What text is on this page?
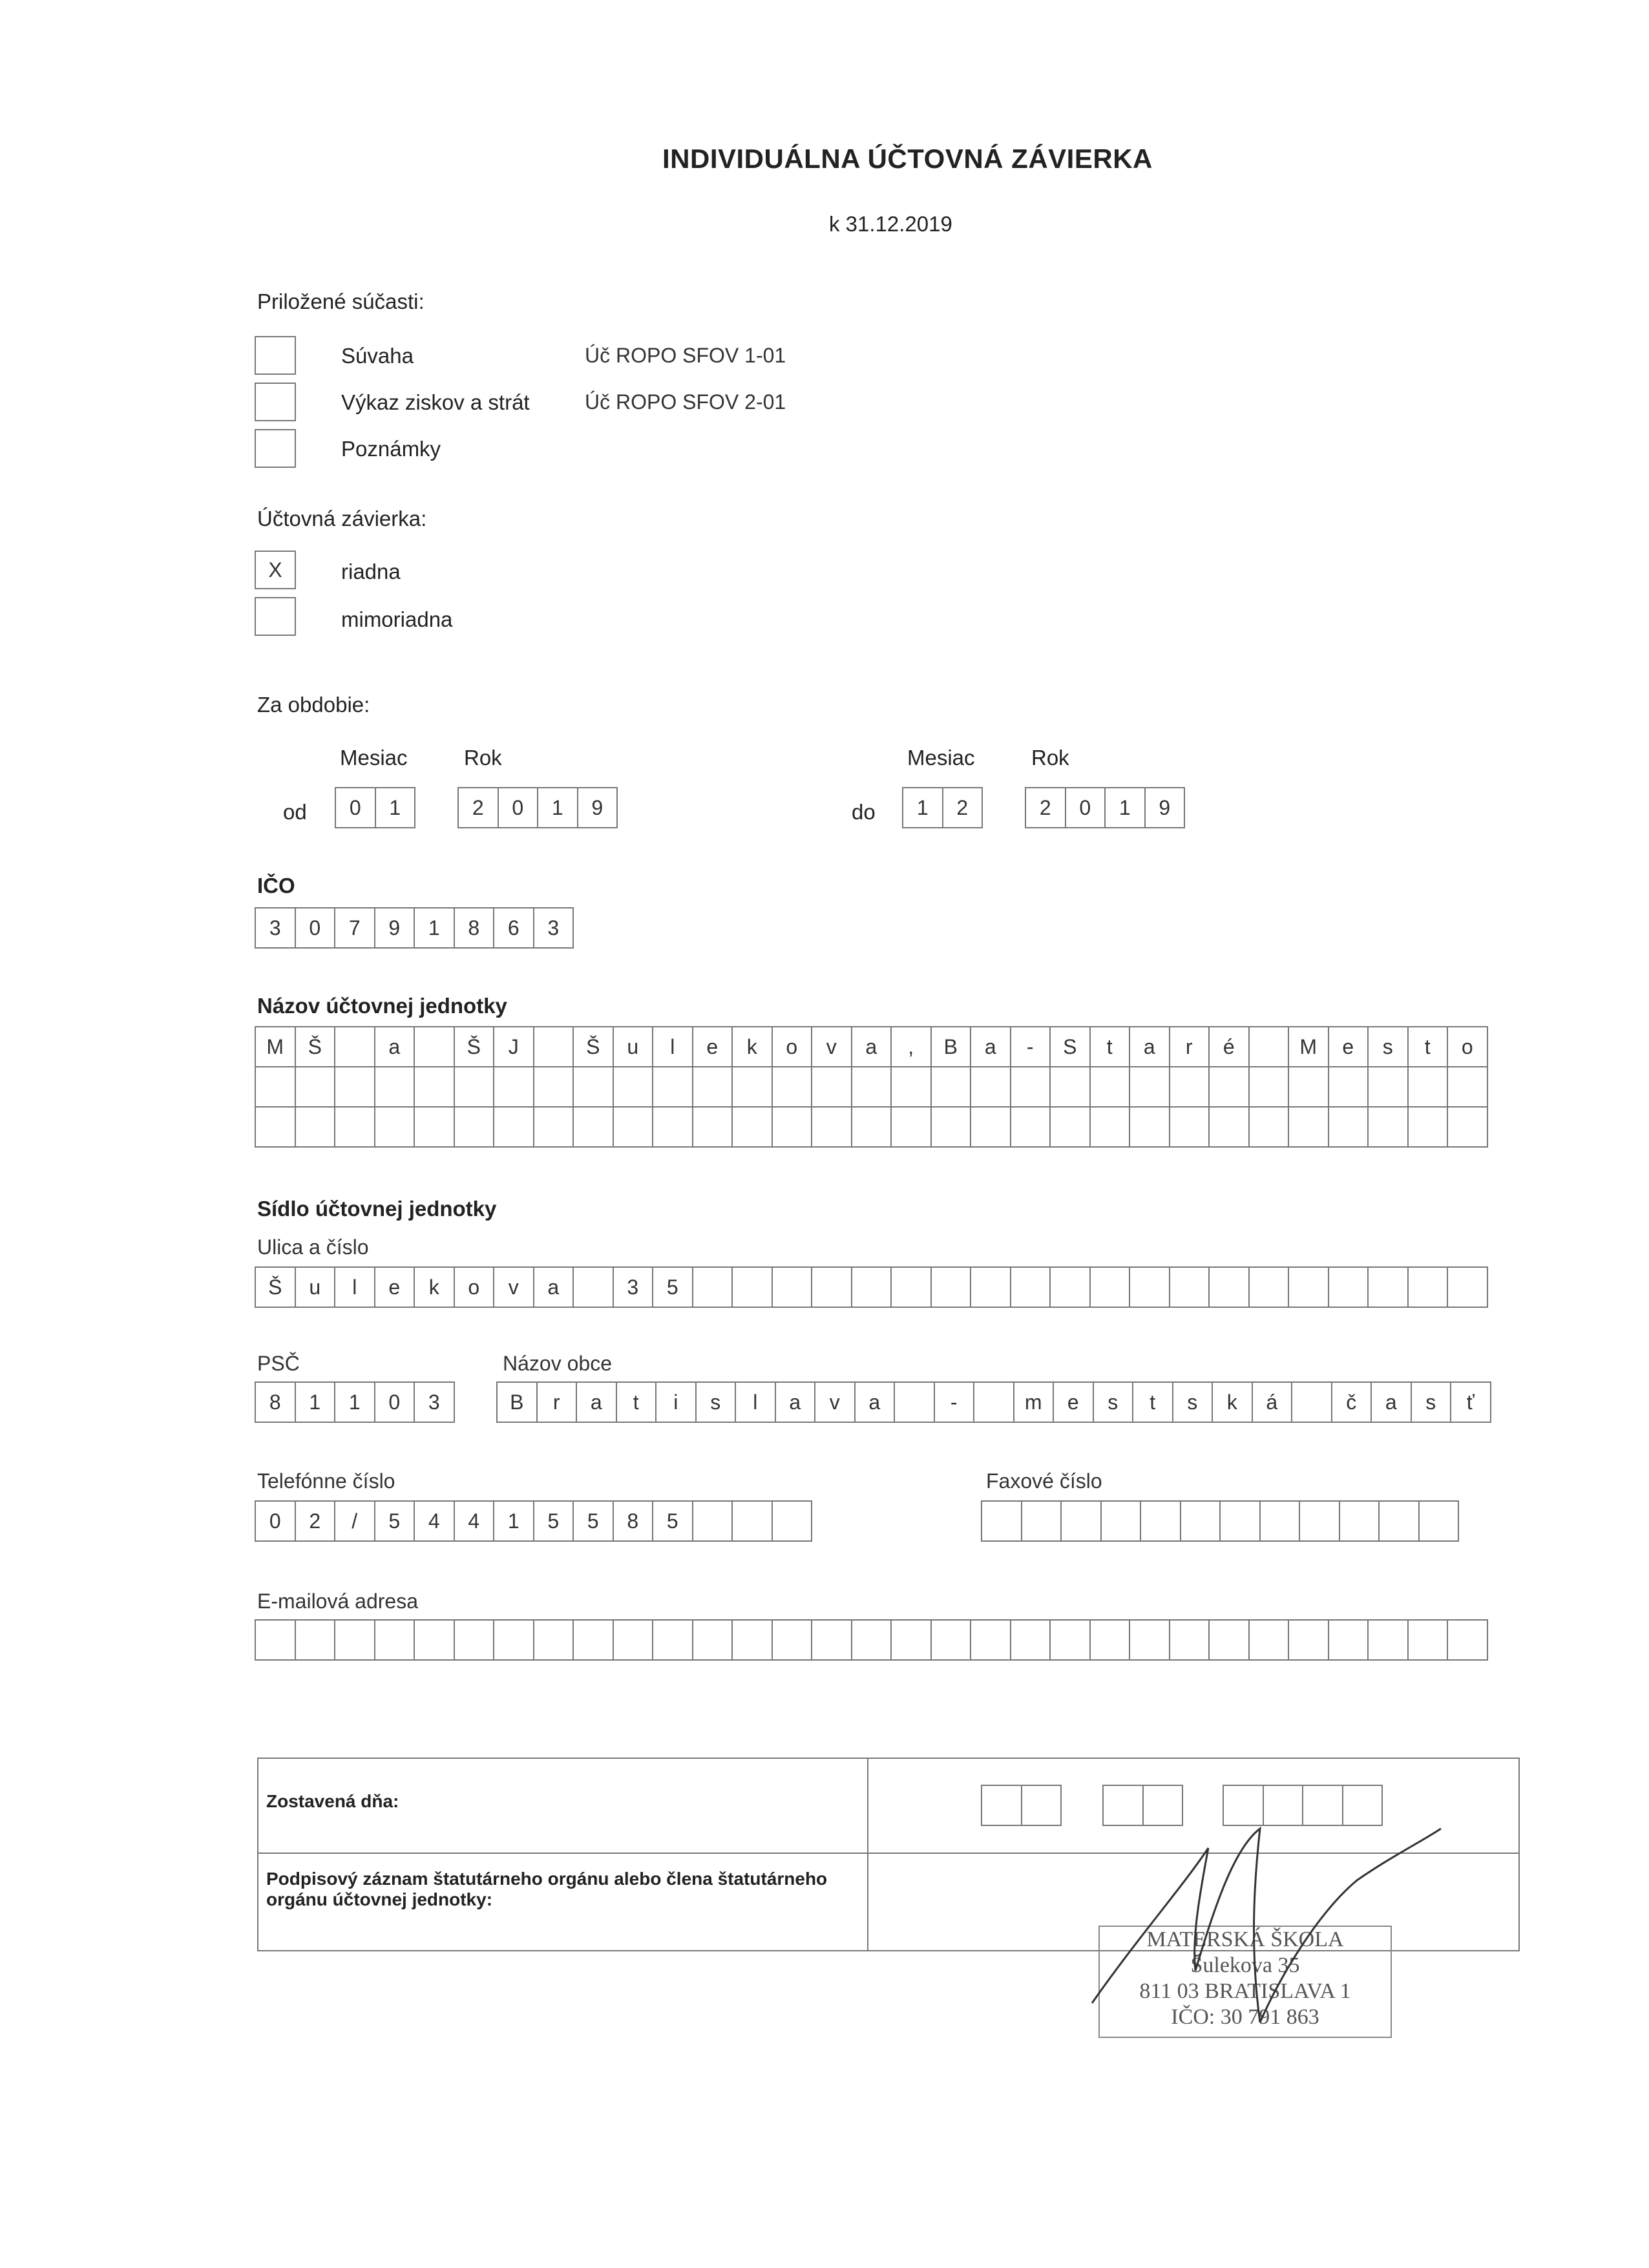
INDIVIDUÁLNA ÚČTOVNÁ ZÁVIERKA
k 31.12.2019
Priložené súčasti:
Súvaha	Úč ROPO SFOV 1-01
Výkaz ziskov a strát	Úč ROPO SFOV 2-01
Poznámky
Účtovná závierka:
X	riadna
mimoriadna
Za obdobie:
Mesiac	Rok	Mesiac	Rok
od	0	1	2	0	1	9	do	1	2	2	0	1	9
IČO
3	0	7	9	1	8	6	3
Názov účtovnej jednotky
M	Š	a	Š	J	Š	u	l	e	k	o	v	a	,	B	a	-	S	t	a	r	é	M	e	s	t	o
Sídlo účtovnej jednotky
Ulica a číslo
Š	u	l	e	k	o	v	a	3	5
PSČ
8	1	1	0	3
Názov obce
B	r	a	t	i	s	l	a	v	a	-	m	e	s	t	s	k	á	č	a	s	ť
Telefónne číslo
0	2	/	5	4	4	1	5	5	8	5
Faxové číslo
E-mailová adresa
Zostavená dňa:
Podpisový záznam štatutárneho orgánu alebo člena štatutárneho orgánu účtovnej jednotky:
MATERSKÁ ŠKOLA
Šulekova 35
811 03 BRATISLAVA 1
IČO: 30 791 863
